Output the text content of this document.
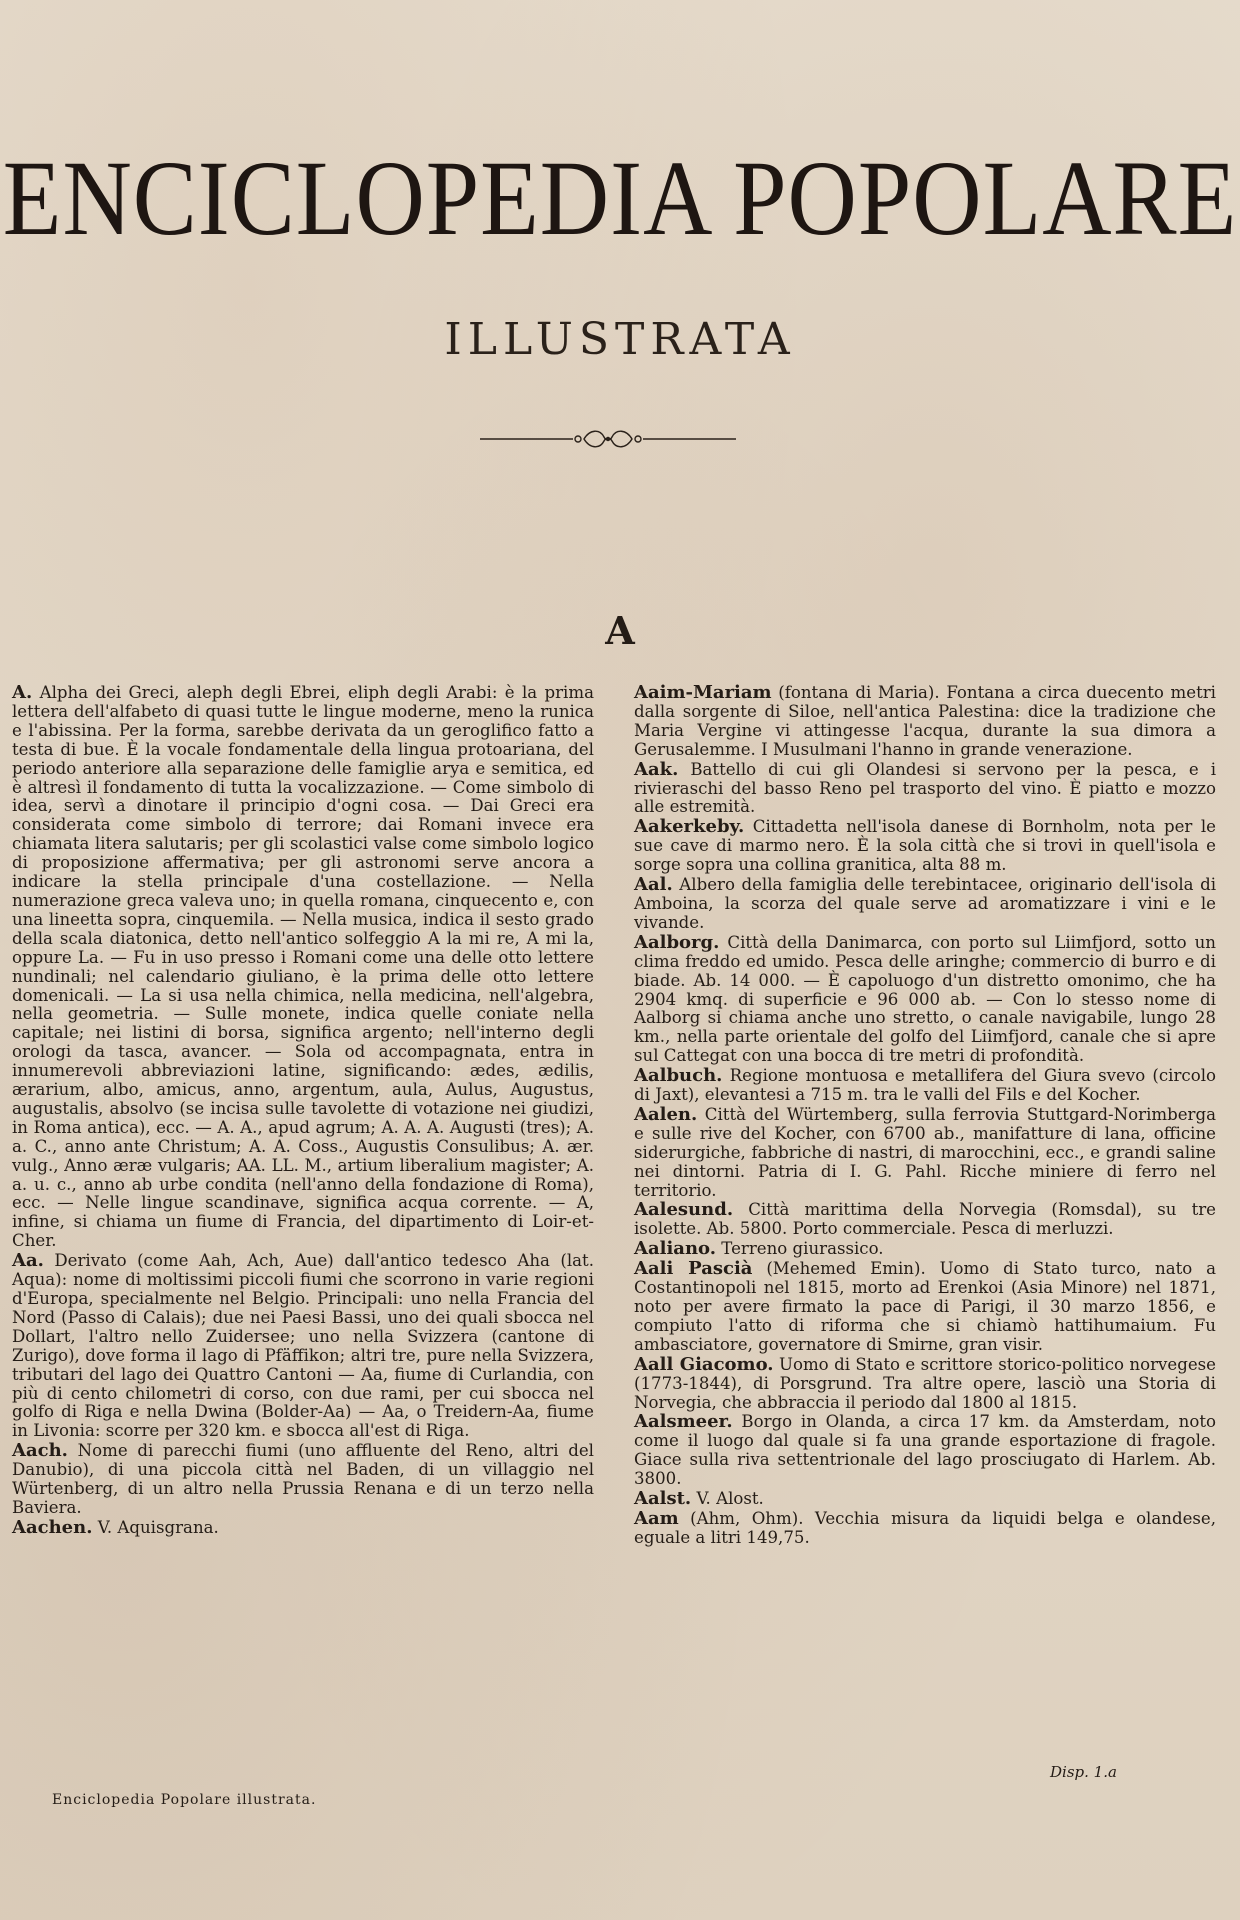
ENCICLOPEDIA POPOLARE
ILLUSTRATA
A
A. Alpha dei Greci, aleph degli Ebrei, eliph degli Arabi: è la prima lettera dell'alfabeto di quasi tutte le lingue moderne, meno la runica e l'abissina. Per la forma, sarebbe derivata da un geroglifico fatto a testa di bue. È la vocale fondamentale della lingua protoariana, del periodo anteriore alla separazione delle famiglie arya e semitica, ed è altresì il fondamento di tutta la vocalizzazione. — Come simbolo di idea, servì a dinotare il principio d'ogni cosa. — Dai Greci era considerata come simbolo di terrore; dai Romani invece era chiamata litera salutaris; per gli scolastici valse come simbolo logico di proposizione affermativa; per gli astronomi serve ancora a indicare la stella principale d'una costellazione. — Nella numerazione greca valeva uno; in quella romana, cinquecento e, con una lineetta sopra, cinquemila. — Nella musica, indica il sesto grado della scala diatonica, detto nell'antico solfeggio A la mi re, A mi la, oppure La. — Fu in uso presso i Romani come una delle otto lettere nundinali; nel calendario giuliano, è la prima delle otto lettere domenicali. — La si usa nella chimica, nella medicina, nell'algebra, nella geometria. — Sulle monete, indica quelle coniate nella capitale; nei listini di borsa, significa argento; nell'interno degli orologi da tasca, avancer. — Sola od accompagnata, entra in innumerevoli abbreviazioni latine, significando: ædes, ædilis, ærarium, albo, amicus, anno, argentum, aula, Aulus, Augustus, augustalis, absolvo (se incisa sulle tavolette di votazione nei giudizi, in Roma antica), ecc. — A. A., apud agrum; A. A. A. Augusti (tres); A. a. C., anno ante Christum; A. A. Coss., Augustis Consulibus; A. ær. vulg., Anno æræ vulgaris; AA. LL. M., artium liberalium magister; A. a. u. c., anno ab urbe condita (nell'anno della fondazione di Roma), ecc. — Nelle lingue scandinave, significa acqua corrente. — A, infine, si chiama un fiume di Francia, del dipartimento di Loir-et-Cher.
Aa. Derivato (come Aah, Ach, Aue) dall'antico tedesco Aha (lat. Aqua): nome di moltissimi piccoli fiumi che scorrono in varie regioni d'Europa, specialmente nel Belgio. Principali: uno nella Francia del Nord (Passo di Calais); due nei Paesi Bassi, uno dei quali sbocca nel Dollart, l'altro nello Zuidersee; uno nella Svizzera (cantone di Zurigo), dove forma il lago di Pfäffikon; altri tre, pure nella Svizzera, tributari del lago dei Quattro Cantoni — Aa, fiume di Curlandia, con più di cento chilometri di corso, con due rami, per cui sbocca nel golfo di Riga e nella Dwina (Bolder-Aa) — Aa, o Treidern-Aa, fiume in Livonia: scorre per 320 km. e sbocca all'est di Riga.
Aach. Nome di parecchi fiumi (uno affluente del Reno, altri del Danubio), di una piccola città nel Baden, di un villaggio nel Würtenberg, di un altro nella Prussia Renana e di un terzo nella Baviera.
Aachen. V. Aquisgrana.
Aaim-Mariam (fontana di Maria). Fontana a circa duecento metri dalla sorgente di Siloe, nell'antica Palestina: dice la tradizione che Maria Vergine vi attingesse l'acqua, durante la sua dimora a Gerusalemme. I Musulmani l'hanno in grande venerazione.
Aak. Battello di cui gli Olandesi si servono per la pesca, e i rivieraschi del basso Reno pel trasporto del vino. È piatto e mozzo alle estremità.
Aakerkeby. Cittadetta nell'isola danese di Bornholm, nota per le sue cave di marmo nero. È la sola città che si trovi in quell'isola e sorge sopra una collina granitica, alta 88 m.
Aal. Albero della famiglia delle terebintacee, originario dell'isola di Amboina, la scorza del quale serve ad aromatizzare i vini e le vivande.
Aalborg. Città della Danimarca, con porto sul Liimfjord, sotto un clima freddo ed umido. Pesca delle aringhe; commercio di burro e di biade. Ab. 14 000. — È capoluogo d'un distretto omonimo, che ha 2904 kmq. di superficie e 96 000 ab. — Con lo stesso nome di Aalborg si chiama anche uno stretto, o canale navigabile, lungo 28 km., nella parte orientale del golfo del Liimfjord, canale che si apre sul Cattegat con una bocca di tre metri di profondità.
Aalbuch. Regione montuosa e metallifera del Giura svevo (circolo di Jaxt), elevantesi a 715 m. tra le valli del Fils e del Kocher.
Aalen. Città del Würtemberg, sulla ferrovia Stuttgard-Norimberga e sulle rive del Kocher, con 6700 ab., manifatture di lana, officine siderurgiche, fabbriche di nastri, di marocchini, ecc., e grandi saline nei dintorni. Patria di I. G. Pahl. Ricche miniere di ferro nel territorio.
Aalesund. Città marittima della Norvegia (Romsdal), su tre isolette. Ab. 5800. Porto commerciale. Pesca di merluzzi.
Aaliano. Terreno giurassico.
Aali Pascià (Mehemed Emin). Uomo di Stato turco, nato a Costantinopoli nel 1815, morto ad Erenkoi (Asia Minore) nel 1871, noto per avere firmato la pace di Parigi, il 30 marzo 1856, e compiuto l'atto di riforma che si chiamò hattihumaium. Fu ambasciatore, governatore di Smirne, gran visir.
Aall Giacomo. Uomo di Stato e scrittore storico-politico norvegese (1773-1844), di Porsgrund. Tra altre opere, lasciò una Storia di Norvegia, che abbraccia il periodo dal 1800 al 1815.
Aalsmeer. Borgo in Olanda, a circa 17 km. da Amsterdam, noto come il luogo dal quale si fa una grande esportazione di fragole. Giace sulla riva settentrionale del lago prosciugato di Harlem. Ab. 3800.
Aalst. V. Alost.
Aam (Ahm, Ohm). Vecchia misura da liquidi belga e olandese, eguale a litri 149,75.
Enciclopedia Popolare illustrata.
Disp. 1.a
